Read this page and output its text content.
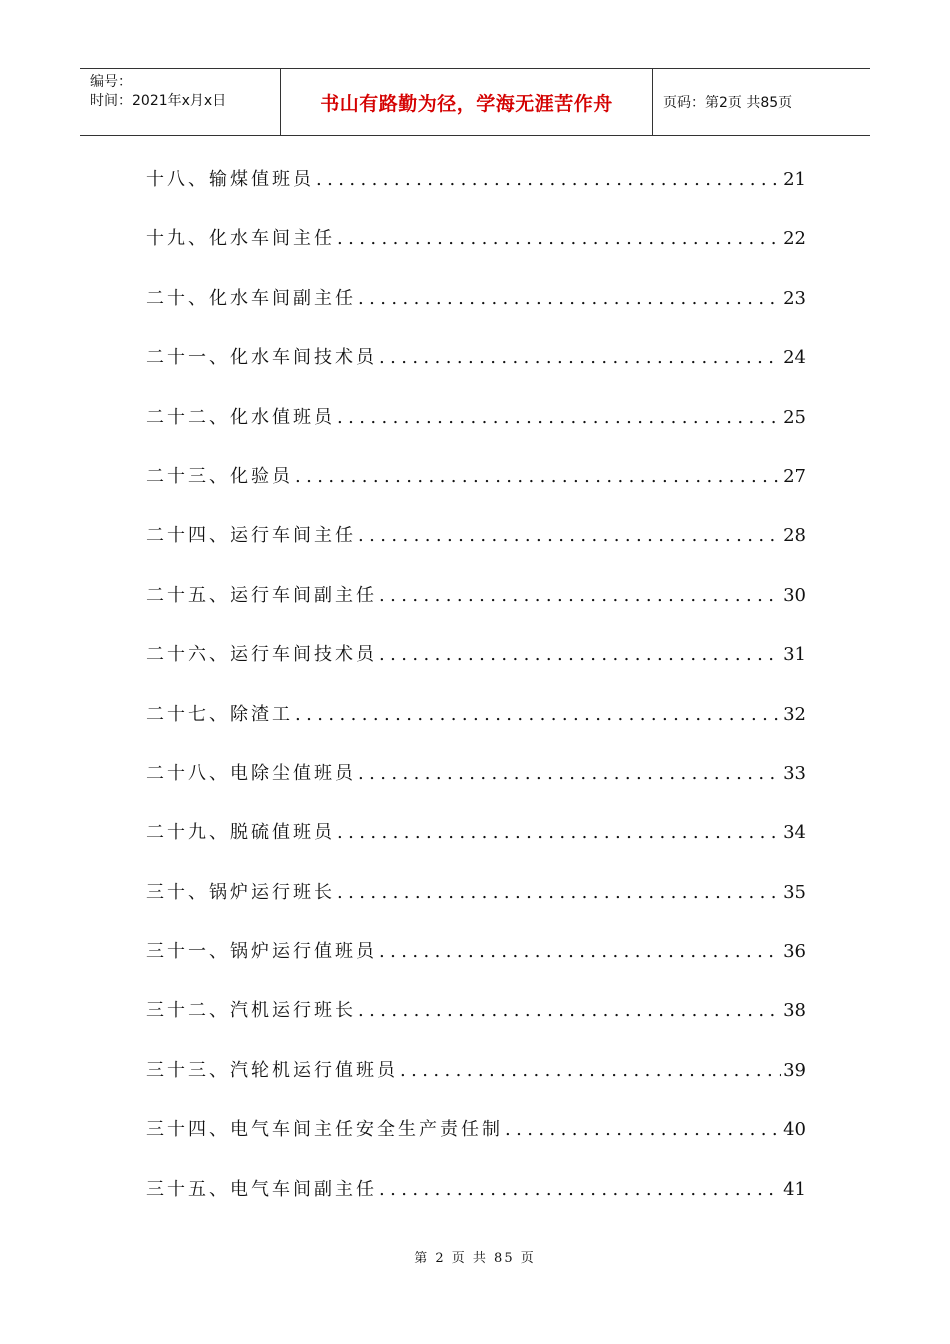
编号：
时间：2021年x月x日	书山有路勤为径，学海无涯苦作舟	页码：第2页 共85页
十八、输煤值班员 .....	21
十九、化水车间主任 .....	22
二十、化水车间副主任 .....	23
二十一、化水车间技术员 .....	24
二十二、化水值班员 .....	25
二十三、化验员 .....	27
二十四、运行车间主任 .....	28
二十五、运行车间副主任 .....	30
二十六、运行车间技术员 .....	31
二十七、除渣工 .....	32
二十八、电除尘值班员 .....	33
二十九、脱硫值班员 .....	34
三十、锅炉运行班长 .....	35
三十一、锅炉运行值班员 .....	36
三十二、汽机运行班长 .....	38
三十三、汽轮机运行值班员 .....	39
三十四、电气车间主任安全生产责任制 .....	40
三十五、电气车间副主任 .....	41
第 2 页 共 85 页
